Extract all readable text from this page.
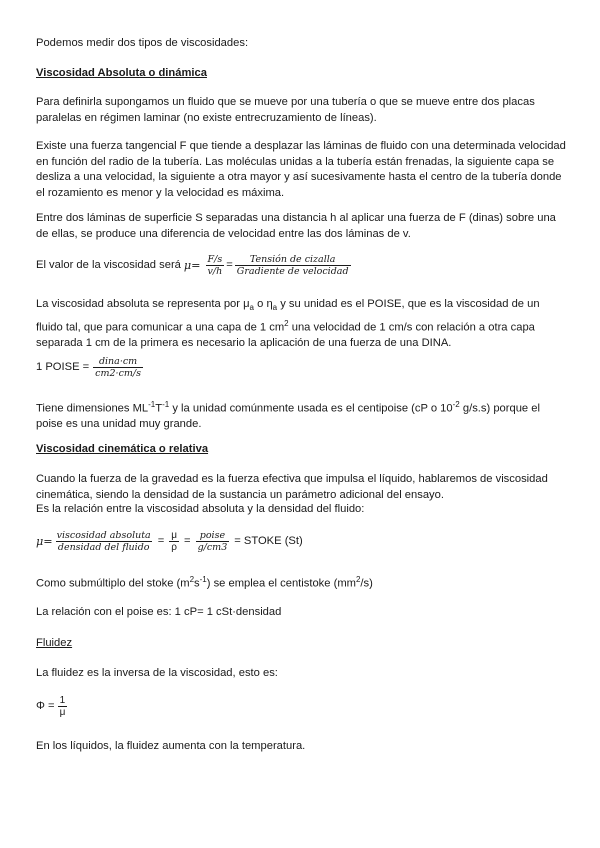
Podemos medir dos tipos de viscosidades:

Viscosidad Absoluta o dinámica

Para definirla supongamos un fluido que se mueve por una tubería o que se mueve entre dos placas paralelas en régimen laminar (no existe entrecruzamiento de líneas).

Existe una fuerza tangencial F que tiende a desplazar las láminas de fluido con una determinada velocidad en función del radio de la tubería. Las moléculas unidas a la tubería están frenadas, la siguiente capa se desliza a una velocidad, la siguiente a otra mayor y así sucesivamente hasta el centro de la tubería donde el rozamiento es menor y la velocidad es máxima.

Entre dos láminas de superficie S separadas una distancia h al aplicar una fuerza de F (dinas) sobre una de ellas, se produce una diferencia de velocidad entre las dos láminas de v.

El valor de la viscosidad será $\mu= \frac{F/s}{v/h} = \frac{\text{Tensión de cizalla}}{\text{Gradiente de velocidad}}$

La viscosidad absoluta se representa por $\mu_a$ o $\eta_a$ y su unidad es el POISE, que es la viscosidad de un fluido tal, que para comunicar a una capa de 1 $cm^2$ una velocidad de 1 cm/s con relación a otra capa separada 1 cm de la primera es necesario la aplicación de una fuerza de una DINA.

1 POISE = $\frac{\text{dina·cm}}{cm2\cdot cm/s}$

Tiene dimensiones $ML^{-1}T^{-1}$ y la unidad comúnmente usada es el centipoise (cP o $10^{-2}$ g/s.s) porque el poise es una unidad muy grande.

Viscosidad cinemática o relativa

Cuando la fuerza de la gravedad es la fuerza efectiva que impulsa el líquido, hablaremos de viscosidad cinemática, siendo la densidad de la sustancia un parámetro adicional del ensayo.

Es la relación entre la viscosidad absoluta y la densidad del fluido:

$\mu= \frac{\text{viscosidad absoluta}}{\text{densidad del fluido}} = \frac{\mu}{\rho} = \frac{\text{poise}}{g/cm3}$ = STOKE (St)

Como submúltiplo del stoke $(m^2s^{-1})$ se emplea el centistoke $(mm^2/s)$

La relación con el poise es: 1 cP= 1 cSt·densidad

Fluidez

La fluidez es la inversa de la viscosidad, esto es:

$\Phi = \frac{1}{\mu}$

En los líquidos, la fluidez aumenta con la temperatura.
